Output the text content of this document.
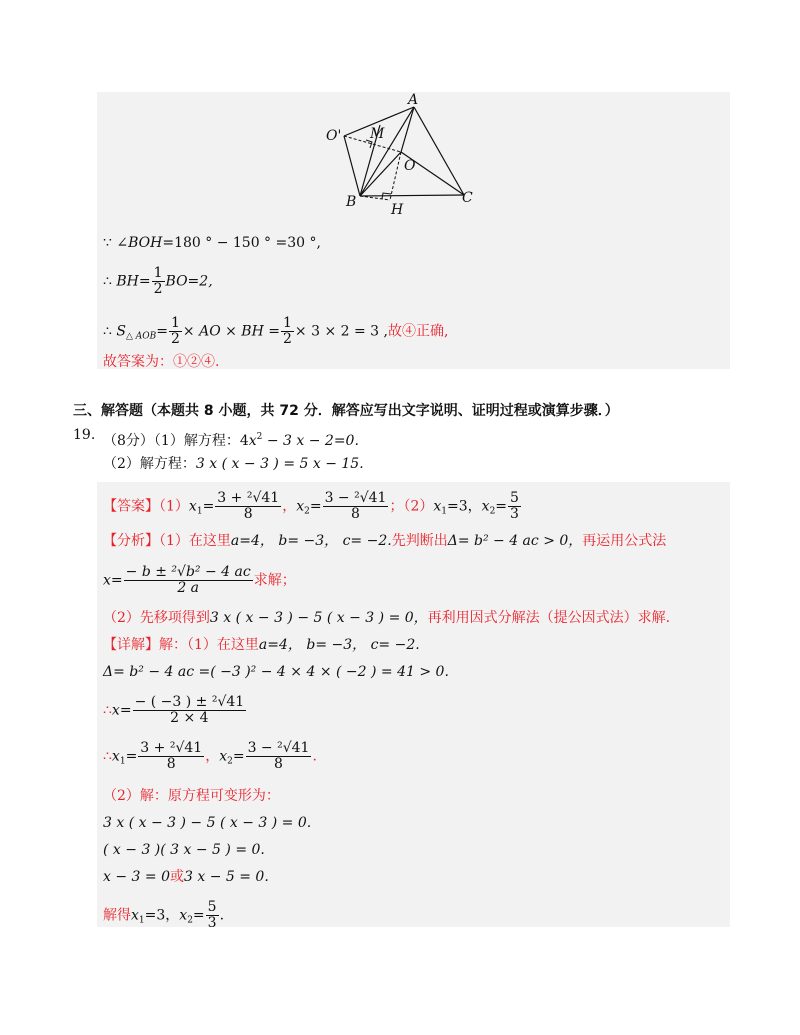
A
O' M
O
B H
C
∵ ∠BOH=180 ° − 150 ° =30 °,
∴ $BH= \frac{1}{2} BO=2$,
∴ $S_{\triangle AOB}= \frac{1}{2}$ × AO × BH = $\frac{1}{2} \times 3 \times 2 = 3$ ,故④正确,
故答案为：①②④.
三、解答题（本题共 8 小题，共 72 分．解答应写出文字说明、证明过程或演算步骤．）
19. （8分）（1）解方程：$4x^2 - 3$ x − 2=0.
（2）解方程：3 x ( x − 3 ) = 5 x − 15.
【答案】$(1)x_1= \frac{\text{3 + ²√41}}{8}$ ，$x_2= \frac{\text{3 − ²√41}}{8}$ ；$(2)x_1=3$，$x_2= \frac{5}{3}$
【分析】（1）在这里a=4， b= −3， c= −2.先判断出Δ= b² − 4 ac > 0，再运用公式法
$x= \frac{\text{− b ± ²√b² − 4 ac}}{2 a}$ 求解；
（2）先移项得到3 x ( x − 3 ) − 5 ( x − 3 ) = 0，再利用因式分解法（提公因式法）求解.
【详解】解：（1）在这里a=4， b= −3， c= −2.
Δ= b² − 4 ac =( −3 )² − 4 × 4 × ( −2 ) = 41 > 0.
∴x= $\frac{\text{− ( −3 ) ± ²√41}}{2 \times 4}$
$\therefore x_1= \frac{\text{3 + ²√41}}{8}$ ，$x_2= \frac{\text{3 − ²√41}}{8}$ .
（2）解：原方程可变形为：
3 x ( x − 3 ) − 5 ( x − 3 ) = 0.
( x − 3 )( 3 x − 5 ) = 0.
x − 3 = 0或3 x − 5 = 0.
解得$x_1=3$，$x_2= \frac{5}{3}$ .
